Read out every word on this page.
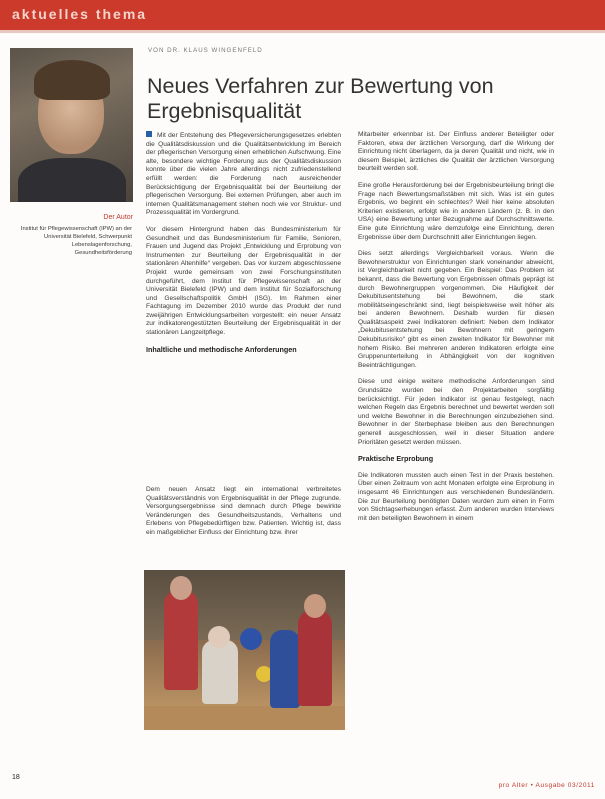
aktuelles thema
Der Autor
Institut für Pflegewissenschaft (IPW) an der Universität Bielefeld, Schwerpunkt Lebenslagenforschung, Gesundheitsförderung
VON DR. KLAUS WINGENFELD
Neues Verfahren zur Bewertung von Ergebnisqualität

Mit der Entstehung des Pflegeversicherungsgesetzes erlebten die Qualitätsdiskussion und die Qualitätsentwicklung im Bereich der pflegerischen Versorgung einen erheblichen Aufschwung. Eine alte, besondere wichtige Forderung aus der Qualitätsdiskussion konnte über die vielen Jahre allerdings nicht zufriedenstellend erfüllt werden: die Forderung nach ausreichender Berücksichtigung der Ergebnisqualität bei der Beurteilung der pflegerischen Versorgung. Bei externen Prüfungen, aber auch im internen Qualitätsmanagement stehen noch wie vor Struktur- und Prozessqualität im Vordergrund.

Vor diesem Hintergrund haben das Bundesministerium für Gesundheit und das Bundesministerium für Familie, Senioren, Frauen und Jugend das Projekt „Entwicklung und Erprobung von Instrumenten zur Beurteilung der Ergebnisqualität in der stationären Altenhilfe“ vergeben. Das vor kurzem abgeschlossene Projekt wurde gemeinsam von zwei Forschungsinstituten durchgeführt, dem Institut für Pflegewissenschaft an der Universität Bielefeld (IPW) und dem Institut für Sozialforschung und Gesellschaftspolitik GmbH (ISG). Im Rahmen einer Fachtagung im Dezember 2010 wurde das Produkt der rund zweijährigen Entwicklungsarbeiten vorgestellt: ein neuer Ansatz zur indikatorengestützten Beurteilung der Ergebnisqualität in der stationären Langzeitpflege.

Inhaltliche und methodische Anforderungen

Dem neuen Ansatz liegt ein international verbreitetes Qualitätsverständnis von Ergebnisqualität in der Pflege zugrunde. Versorgungsergebnisse sind demnach durch Pflege bewirkte Veränderungen des Gesundheitszustands, Verhaltens und Erlebens von Pflegebedürftigen bzw. Patienten. Wichtig ist, dass ein maßgeblicher Einfluss der Einrichtung bzw. ihrer

Mitarbeiter erkennbar ist. Der Einfluss anderer Beteiligter oder Faktoren, etwa der ärztlichen Versorgung, darf die Wirkung der Einrichtung nicht überlagern, da ja deren Qualität und nicht, wie in diesem Beispiel, ärztliches die Qualität der ärztlichen Versorgung beurteilt werden soll.

Eine große Herausforderung bei der Ergebnisbeurteilung bringt die Frage nach Bewertungsmaßstäben mit sich. Was ist ein gutes Ergebnis, wo beginnt ein schlechtes? Weil hier keine absoluten Kriterien existieren, erfolgt wie in anderen Ländern (z. B. in den USA) eine Bewertung unter Bezugnahme auf Durchschnittswerte. Eine gute Einrichtung wäre demzufolge eine Einrichtung, deren Ergebnisse über dem Durchschnitt aller Einrichtungen liegen.

Dies setzt allerdings Vergleichbarkeit voraus. Wenn die Bewohnerstruktur von Einrichtungen stark voneinander abweicht, ist Vergleichbarkeit nicht gegeben. Ein Beispiel: Das Problem ist bekannt, dass die Bewertung von Ergebnissen oftmals geprägt ist durch Bewohnergruppen vorgenommen. Die Häufigkeit der Dekubitusentstehung bei Bewohnern, die stark mobilitätseingeschränkt sind, liegt beispielsweise weit höher als bei anderen Bewohnern. Deshalb wurden für diesen Qualitätsaspekt zwei Indikatoren definiert: Neben dem Indikator „Dekubitusentstehung bei Bewohnern mit geringem Dekubitusrisiko“ gibt es einen zweiten Indikator für Bewohner mit hohem Risiko. Bei mehreren anderen Indikatoren erfolgte eine Gruppenunterteilung in Abhängigkeit von der kognitiven Beeinträchtigungen.

Diese und einige weitere methodische Anforderungen sind Grundsätze wurden bei den Projektarbeiten sorgfältig berücksichtigt. Für jeden Indikator ist genau festgelegt, nach welchen Regeln das Ergebnis berechnet und bewertet werden soll und welche Bewohner in die Berechnungen einzubeziehen sind. Bewohner in der Sterbephase bleiben aus den Berechnungen generell ausgeschlossen, weil in dieser Situation andere Prioritäten gesetzt werden müssen.

Praktische Erprobung

Die Indikatoren mussten auch einen Test in der Praxis bestehen. Über einen Zeitraum von acht Monaten erfolgte eine Erprobung in insgesamt 46 Einrichtungen aus verschiedenen Bundesländern. Die zur Beurteilung benötigten Daten wurden zum einen in Form von Stichtagserhebungen erfasst. Zum anderen wurden Interviews mit den beteiligten Bewohnern in einem

18
pro Alter • Ausgabe 03/2011
